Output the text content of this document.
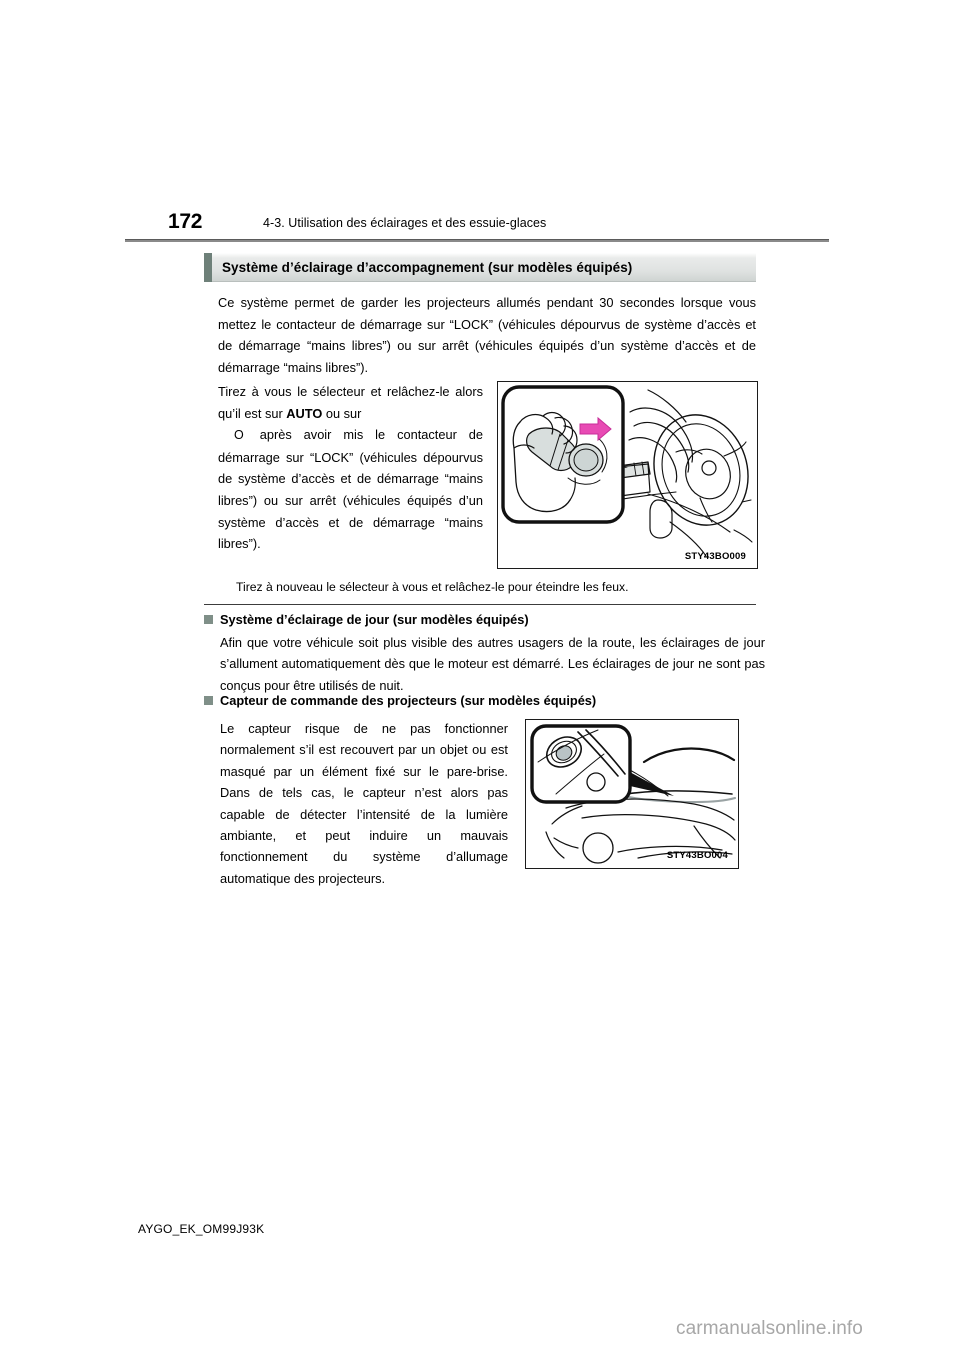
172	4-3. Utilisation des éclairages et des essuie-glaces
Système d’éclairage d’accompagnement (sur modèles équipés)
Ce système permet de garder les projecteurs allumés pendant 30 secondes lorsque vous mettez le contacteur de démarrage sur “LOCK” (véhicules dépourvus de système d’accès et de démarrage “mains libres”) ou sur arrêt (véhicules équipés d’un système d’accès et de démarrage “mains libres”).
Tirez à vous le sélecteur et relâchez-le alors qu’il est sur AUTO ou sur
O après avoir mis le contacteur de démarrage sur “LOCK” (véhicules dépourvus de système d’accès et de démarrage “mains libres”) ou sur arrêt (véhicules équipés d’un système d’accès et de démarrage “mains libres”).
STY43BO009
Tirez à nouveau le sélecteur à vous et relâchez-le pour éteindre les feux.
Système d’éclairage de jour (sur modèles équipés)
Afin que votre véhicule soit plus visible des autres usagers de la route, les éclairages de jour s’allument automatiquement dès que le moteur est démarré. Les éclairages de jour ne sont pas conçus pour être utilisés de nuit.
Capteur de commande des projecteurs (sur modèles équipés)
Le capteur risque de ne pas fonctionner normalement s’il est recouvert par un objet ou est masqué par un élément fixé sur le pare-brise. Dans de tels cas, le capteur n’est alors pas capable de détecter l’intensité de la lumière ambiante, et peut induire un mauvais fonctionnement du système d’allumage automatique des projecteurs.
STY43BO004
AYGO_EK_OM99J93K
carmanualsonline.info
